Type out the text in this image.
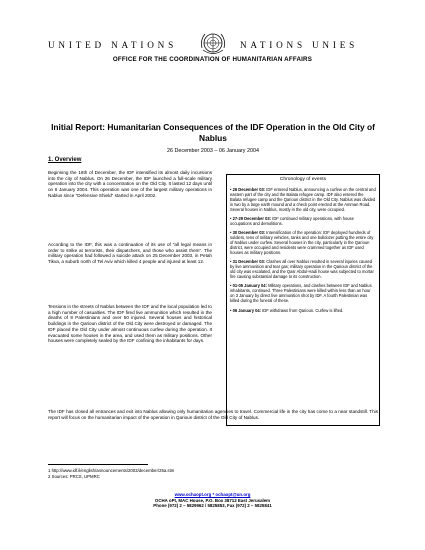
UNITED NATIONS	NATIONS UNIES
OFFICE FOR THE COORDINATION OF HUMANITARIAN AFFAIRS
Initial Report: Humanitarian Consequences of the IDF Operation in the Old City of Nablus
26 December 2003 – 06 January 2004
1. Overview
Beginning the 16th of December, the IDF intensified its almost daily incursions into the city of Nablus. On 26 December, the IDF launched a full-scale military operation into the city with a concentration on the Old City. It lasted 12 days until on 6 January 2004. This operation was one of the largest military operations in Nablus since "Defensive Shield" started in April 2002.
According to the IDF, this was a continuation of its use of "all legal means in order to strike at terrorists, their dispatchers, and those who assist them". The military operation had followed a suicide attack on 25 December 2003, in Petah Tikva, a suburb north of Tel Aviv which killed 4 people and injured at least 12.
Tensions in the streets of Nablus between the IDF and the local population led to a high number of casualties. The IDF fired live ammunition which resulted in the deaths of 8 Palestinians and over 50 injured. Several houses and historical buildings in the Qarioun district of the Old City were destroyed or damaged. The IDF placed the Old City under almost continuous curfew during the operation. It evacuated some houses in the area, and used them as military positions. Other houses were completely sealed by the IDF confining the inhabitants for days.
The IDF has closed all entrances and exit into Nablus allowing only humanitarian agencies to travel. Commercial life in the city has come to a near standstill. This report will focus on the humanitarian impact of the operation in Qarioun district of the Old City of Nablus.
Chronology of events
• 26 December 03: IDF entered Nablus, announcing a curfew on the central and eastern part of the city and the Balata refugee camp. IDF also entered the Balata refugee camp and the Qarioun district in the Old City. Nablus was divided in two by a large earth mound and a check point erected at the Amman Road. Several houses in Nablus, mostly in the old city, were occupied.
• 27-29 December 03: IDF continued military operations, with house occupations and demolitions.
• 30 December 03: Intensification of the operation: IDF deployed hundreds of soldiers, tens of military vehicles, tanks and one bulldozer putting the entire city of Nablus under curfew. Several houses in the city, particularly in the Qarioun district, were occupied and residents were crammed together as IDF used houses as military positions.
• 31 December 03: Clashes all over Nablus resulted in several injuries caused by live ammunition and tear gas; military operation in the Qarioun district of the old city was escalated, and the Qasr Abdul-Hadi house was subjected to mortar fire causing substantial damage to its construction.
• 01-05 January 04: Military operations, and clashes between IDF and Nablus inhabitants, continued. Three Palestinians were killed within less than an hour on 3 January by direct live ammunition shot by IDF. A fourth Palestinian was killed during the funeral of these.
• 06 January 04: IDF withdraws from Qarioun. Curfew is lifted.
1 http://www.idf.il/english/announcements/2003/december/25a.stm
2 Sources: PRCS, UPMRC
www.ochaopt.org * ochaopt@un.org
OCHA oPt, MAC House, P.O. Box 38712 East Jerusalem
Phone (972) 2 – 5829962 / 5825853, Fax (972) 2 – 5825841
